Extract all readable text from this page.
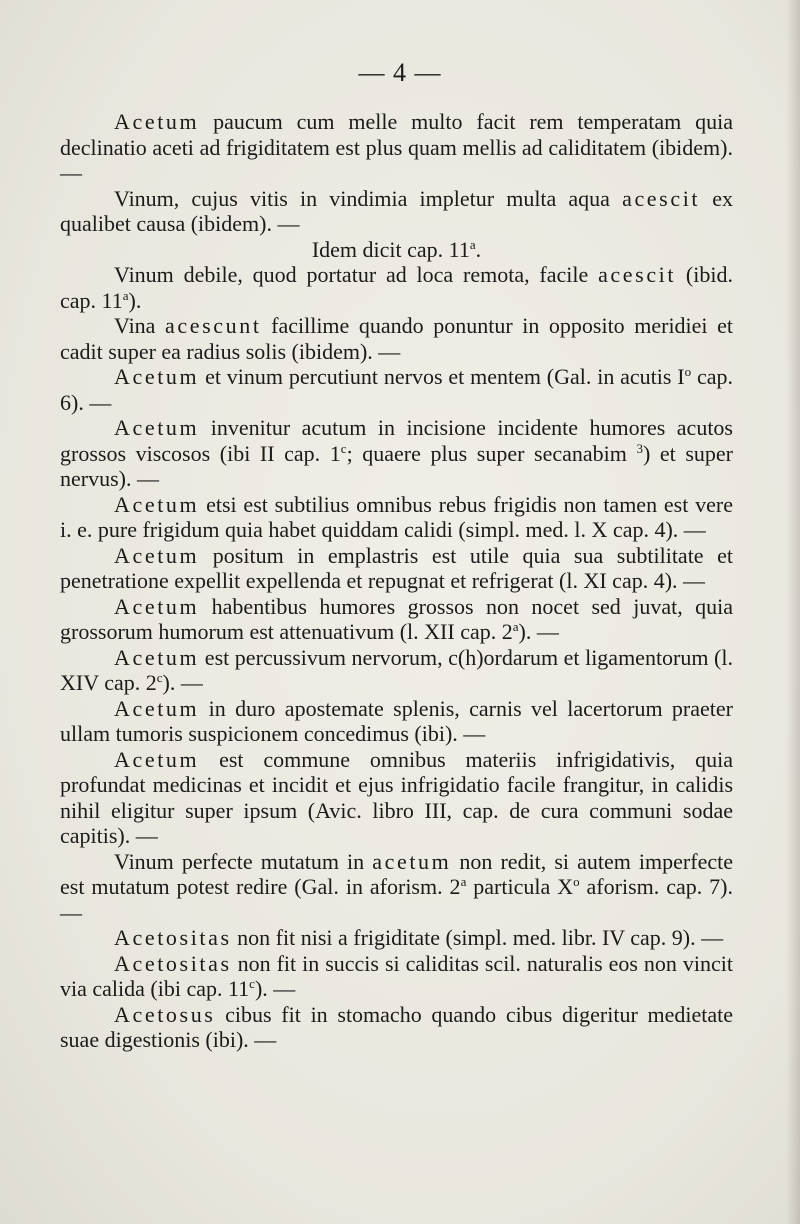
— 4 —

Acetum paucum cum melle multo facit rem temperatam quia declinatio aceti ad frigiditatem est plus quam mellis ad caliditatem (ibidem). —

Vinum, cujus vitis in vindimia impletur multa aqua acescit ex qualibet causa (ibidem). —

Idem dicit cap. 11$^a$.

Vinum debile, quod portatur ad loca remota, facile acescit (ibid. cap. 11$^a$).

Vina acescunt facillime quando ponuntur in opposito meridiei et cadit super ea radius solis (ibidem). —

Acetum et vinum percutiunt nervos et mentem (Gal. in acutis $I^o$ cap. 6). —

Acetum invenitur acutum in incisione incidente humores acutos grossos viscosos (ibi II cap. 1$^c$; quaere plus super secanabim $^3$) et super nervus). —

Acetum etsi est subtilius omnibus rebus frigidis non tamen est vere i. e. pure frigidum quia habet quiddam calidi (simpl. med. l. X cap. 4). —

Acetum positum in emplastris est utile quia sua subtilitate et penetratione expellit expellenda et repugnat et refrigerat (l. XI cap. 4). —

Acetum habentibus humores grossos non nocet sed juvat, quia grossorum humorum est attenuativum (l. XII cap. 2$^a$). —

Acetum est percussivum nervorum, c(h)ordarum et ligamentorum (l. XIV cap. 2$^c$). —

Acetum in duro apostemate splenis, carnis vel lacertorum praeter ullam tumoris suspicionem concedimus (ibi). —

Acetum est commune omnibus materiis infrigidativis, quia profundat medicinas et incidit et ejus infrigidatio facile frangitur, in calidis nihil eligitur super ipsum (Avic. libro III, cap. de cura communi sodae capitis). —

Vinum perfecte mutatum in acetum non redit, si autem imperfecte est mutatum potest redire (Gal. in aforism. 2$^a$ particula $X^o$ aforism. cap. 7). —

Acetositas non fit nisi a frigiditate (simpl. med. libr. IV cap. 9). —

Acetositas non fit in succis si caliditas scil. naturalis eos non vincit via calida (ibi cap. 11$^c$). —

Acetosus cibus fit in stomacho quando cibus digeritur medietate suae digestionis (ibi). —
